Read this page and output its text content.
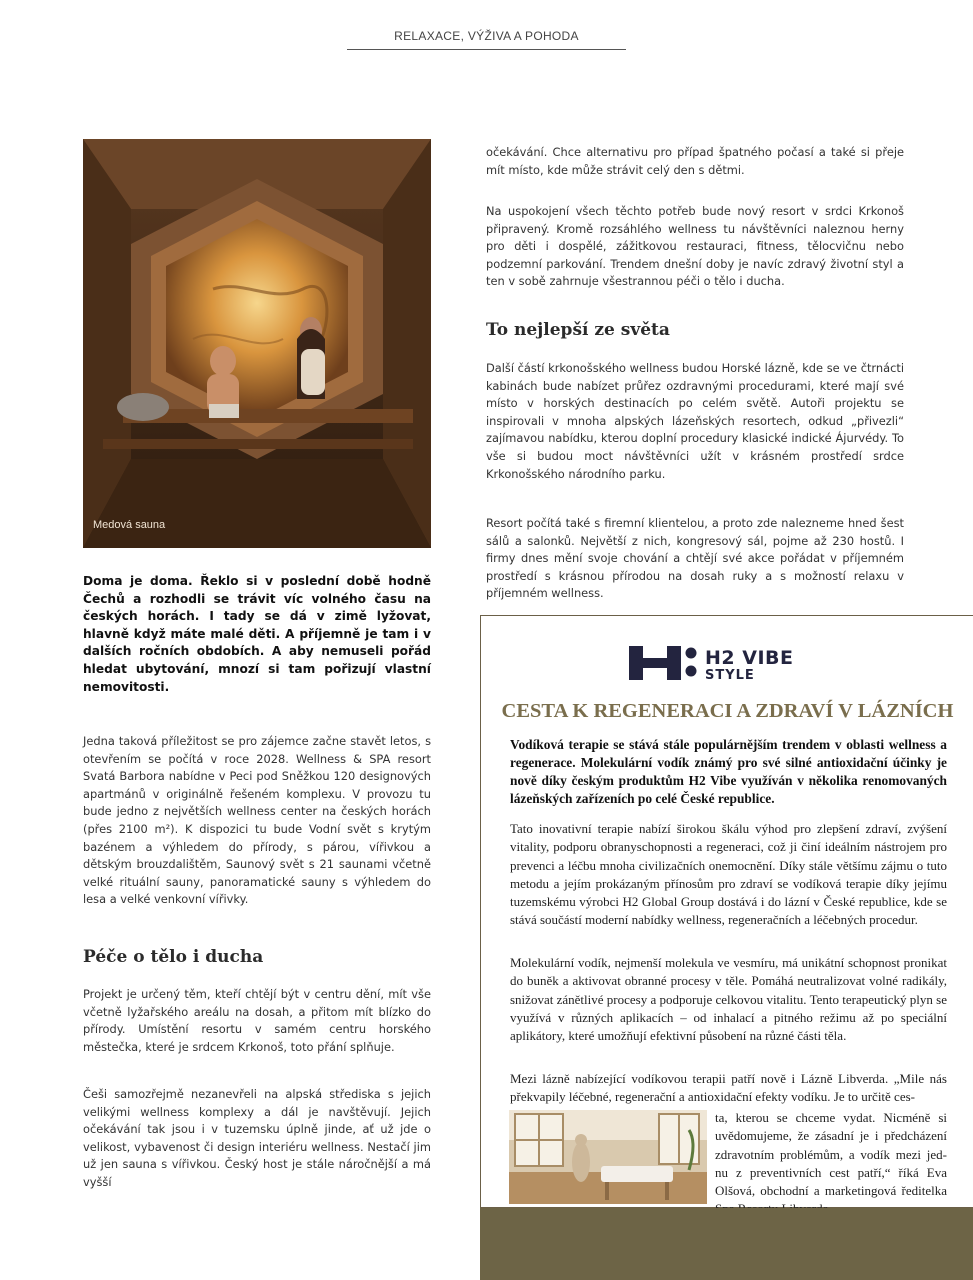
RELAXACE, VÝŽIVA A POHODA
Medová sauna

Doma je doma. Řeklo si v poslední době hodně Čechů a rozhodli se trávit víc volného času na českých horách. I tady se dá v zimě lyžovat, hlavně když máte malé děti. A příjemně je tam i v dalších ročních obdobích. A aby nemuseli pořád hledat ubytování, mnozí si tam pořizují vlastní nemovitosti.

Jedna taková příležitost se pro zájemce začne stavět letos, s otevřením se počítá v roce 2028. Wellness & SPA resort Svatá Barbora nabídne v Peci pod Sněžkou 120 designových apartmánů v originálně řešeném komplexu. V provozu tu bude jedno z největších wellness center na českých horách (přes 2100 m²). K dispozici tu bude Vodní svět s krytým bazénem a výhledem do přírody, s párou, vířivkou a dětským brouzdalištěm, Saunový svět s 21 saunami včetně velké rituální sauny, panoramatické sauny s výhledem do lesa a velké venkovní vířivky.

Péče o tělo i ducha

Projekt je určený těm, kteří chtějí být v centru dění, mít vše včetně lyžařského areálu na dosah, a přitom mít blízko do přírody. Umístění resortu v samém centru horského městečka, které je srdcem Krkonoš, toto přání splňuje.

Češi samozřejmě nezanevřeli na alpská střediska s jejich velikými wellness komplexy a dál je navštěvují. Jejich očekávání tak jsou i v tuzemsku úplně jinde, ať už jde o velikost, vybavenost či design interiéru wellness. Nestačí jim už jen sauna s vířivkou. Český host je stále náročnější a má vyšší

očekávání. Chce alternativu pro případ špatného počasí a také si přeje mít místo, kde může strávit celý den s dětmi.

Na uspokojení všech těchto potřeb bude nový resort v srdci Krkonoš připravený. Kromě rozsáhlého wellness tu návštěvníci naleznou herny pro děti i dospělé, zážitkovou restauraci, fitness, tělocvičnu nebo podzemní parkování. Trendem dnešní doby je navíc zdravý životní styl a ten v sobě zahrnuje všestrannou péči o tělo i ducha.

To nejlepší ze světa

Další částí krkonošského wellness budou Horské lázně, kde se ve čtrnácti kabinách bude nabízet průřez ozdravnými procedurami, které mají své místo v horských destinacích po celém světě. Autoři projektu se inspirovali v mnoha alpských lázeňských resortech, odkud „přivezli“ zajímavou nabídku, kterou doplní procedury klasické indické Ájurvédy. To vše si budou moct návštěvníci užít v krásném prostředí srdce Krkonošského národního parku.

Resort počítá také s firemní klientelou, a proto zde nalezneme hned šest sálů a salonků. Největší z nich, kongresový sál, pojme až 230 hostů. I firmy dnes mění svoje chování a chtějí své akce pořádat v příjemném prostředí s krásnou přírodou na dosah ruky a s možností relaxu v příjemném wellness.

H2 VIBE
STYLE
CESTA K REGENERACI A ZDRAVÍ V LÁZNÍCH

Vodíková terapie se stává stále populárnějším trendem v oblasti wellness a regenerace. Molekulární vodík známý pro své silné antioxidační účinky je nově díky českým produktům H2 Vibe využíván v několika renomovaných lázeňských zařízeních po celé České republice.

Tato inovativní terapie nabízí širokou škálu výhod pro zlepšení zdraví, zvýšení vitality, podporu obranyschopnosti a regeneraci, což ji činí ideálním nástrojem pro prevenci a léčbu mnoha civilizačních onemocnění. Díky stále většímu zájmu o tuto metodu a jejím prokázaným přínosům pro zdraví se vodíková terapie díky jejímu tuzemskému výrobci H2 Global Group dostává i do lázní v České republice, kde se stává součástí moderní nabídky wellness, regeneračních a léčebných procedur.

Molekulární vodík, nejmenší molekula ve vesmíru, má unikátní schopnost pronikat do buněk a aktivovat obranné procesy v těle. Pomáhá neutralizovat volné radikály, snižovat zánětlivé procesy a podporuje celkovou vitalitu. Tento terapeutický plyn se využívá v různých aplikacích – od inhalací a pitného režimu až po speciální aplikátory, které umožňují efektivní působení na různé části těla.

Mezi lázně nabízející vodíkovou terapii patří nově i Lázně Libverda. „Mile nás překvapily léčebné, regenerační a antioxidační efekty vodíku. Je to určitě ces-

ta, kterou se chceme vydat. Nicméně si uvědomujeme, že zásadní je i předcházení zdravotním problémům, a vodík mezi jed-nu z preventivních cest patří,“ říká Eva Olšová, obchodní a marketingová ředitelka
